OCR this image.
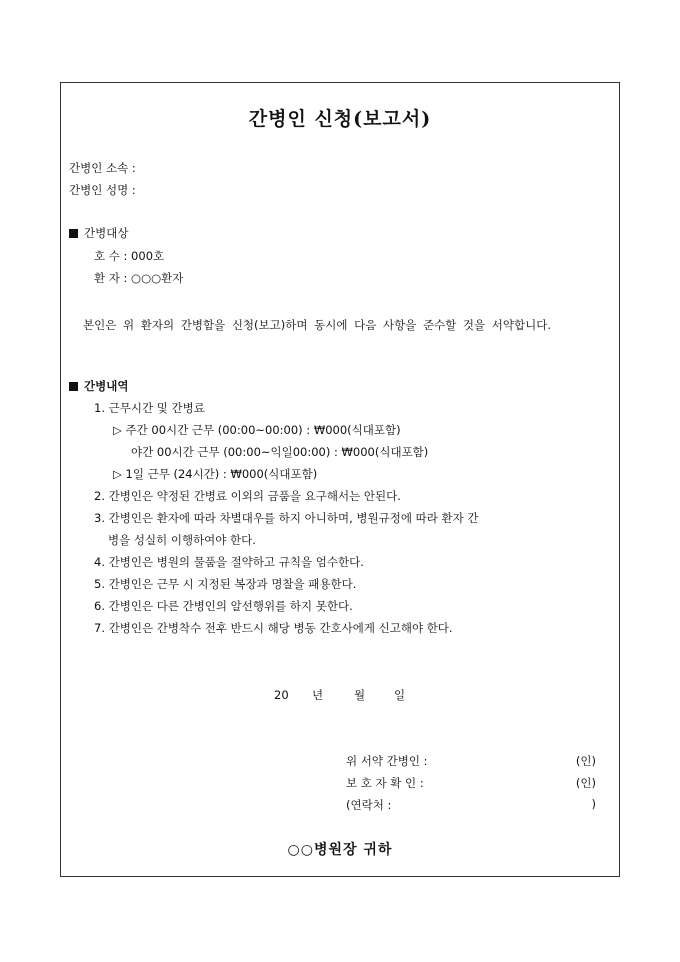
간병인 신청(보고서)
간병인 소속 :
간병인 성명 :
간병대상
호 수 : 000호
환 자 : ○○○환자
본인은 위 환자의 간병함을 신청(보고)하며 동시에 다음 사항을 준수할 것을 서약합니다.
간병내역
1. 근무시간 및 간병료
▷ 주간 00시간 근무 (00:00~00:00) : ₩000(식대포함)
야간 00시간 근무 (00:00~익일00:00) : ₩000(식대포함)
▷ 1일 근무 (24시간) : ₩000(식대포함)
2. 간병인은 약정된 간병료 이외의 금품을 요구해서는 안된다.
3. 간병인은 환자에 따라 차별대우를 하지 아니하며, 병원규정에 따라 환자 간
병을 성실히 이행하여야 한다.
4. 간병인은 병원의 물품을 절약하고 규칙을 엄수한다.
5. 간병인은 근무 시 지정된 복장과 명찰을 패용한다.
6. 간병인은 다른 간병인의 알선행위를 하지 못한다.
7. 간병인은 간병착수 전후 반드시 해당 병동 간호사에게 신고해야 한다.
20 년	월	일
위 서약 간병인 :	(인)
보 호 자 확 인 :	(인)
(연락처 :	)
○○병원장 귀하
